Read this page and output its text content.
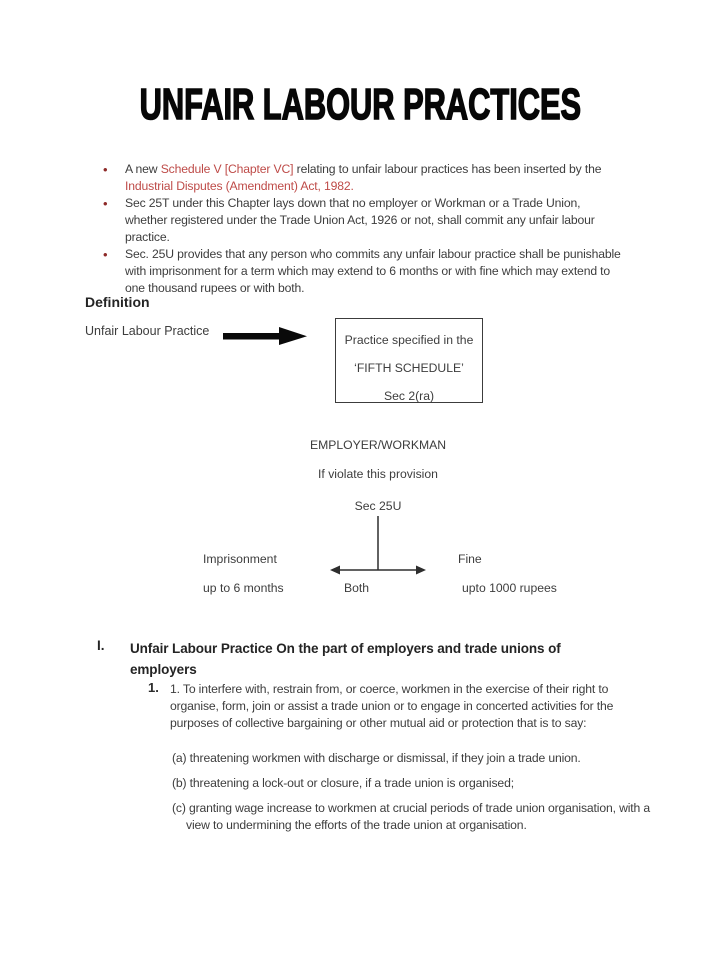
UNFAIR LABOUR PRACTICES
•	A new Schedule V [Chapter VC] relating to unfair labour practices has been inserted by the Industrial Disputes (Amendment) Act, 1982.
•	Sec 25T under this Chapter lays down that no employer or Workman or a Trade Union, whether registered under the Trade Union Act, 1926 or not, shall commit any unfair labour practice.
•	Sec. 25U provides that any person who commits any unfair labour practice shall be punishable with imprisonment for a term which may extend to 6 months or with fine which may extend to one thousand rupees or with both.
Definition
Unfair Labour Practice
Practice specified in the
‘FIFTH SCHEDULE’
Sec 2(ra)
EMPLOYER/WORKMAN
If violate this provision
Sec 25U
Imprisonment	Fine
up to 6 months	Both	upto 1000 rupees
I. Unfair Labour Practice On the part of employers and trade unions of employers
1. 1. To interfere with, restrain from, or coerce, workmen in the exercise of their right to organise, form, join or assist a trade union or to engage in concerted activities for the purposes of collective bargaining or other mutual aid or protection that is to say:
(a) threatening workmen with discharge or dismissal, if they join a trade union.
(b) threatening a lock-out or closure, if a trade union is organised;
(c) granting wage increase to workmen at crucial periods of trade union organisation, with a view to undermining the efforts of the trade union at organisation.
